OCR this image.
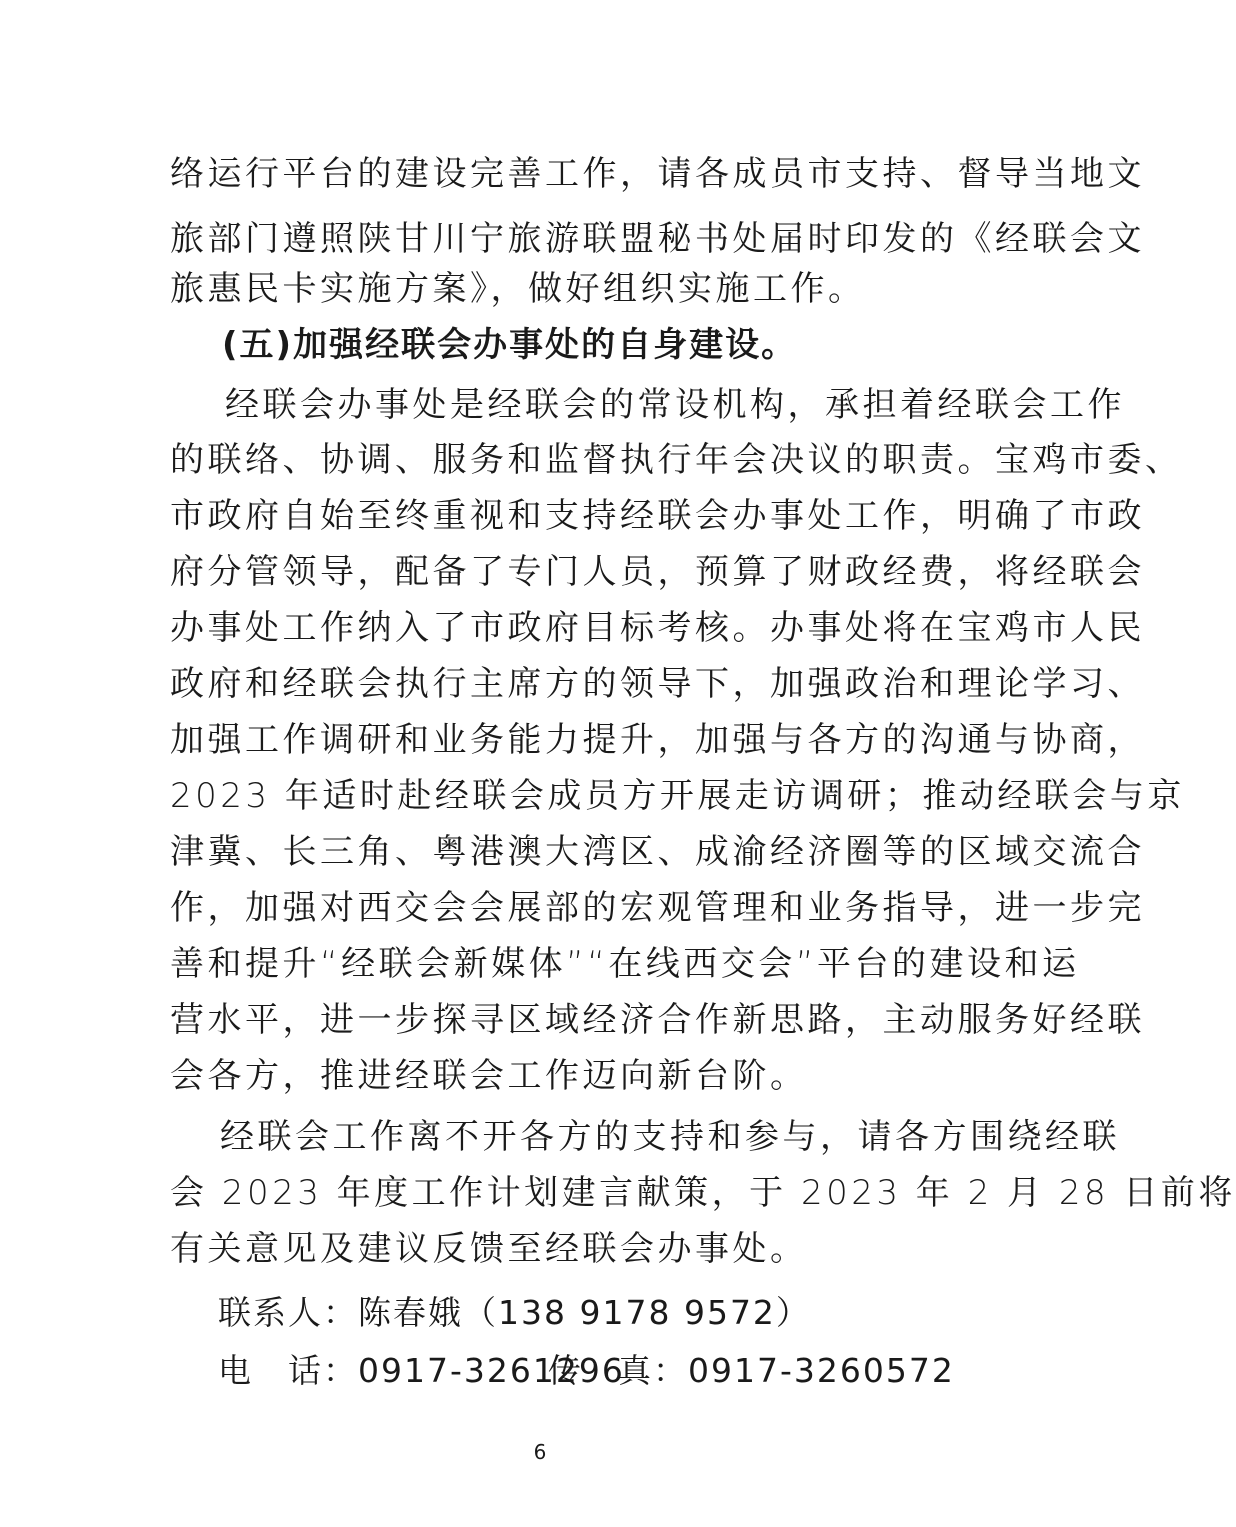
络运行平台的建设完善工作，请各成员市支持、督导当地文
旅部门遵照陕甘川宁旅游联盟秘书处届时印发的《经联会文
旅惠民卡实施方案》，做好组织实施工作。
(五)加强经联会办事处的自身建设。
经联会办事处是经联会的常设机构，承担着经联会工作
的联络、协调、服务和监督执行年会决议的职责。宝鸡市委、
市政府自始至终重视和支持经联会办事处工作，明确了市政
府分管领导，配备了专门人员，预算了财政经费，将经联会
办事处工作纳入了市政府目标考核。办事处将在宝鸡市人民
政府和经联会执行主席方的领导下，加强政治和理论学习、
加强工作调研和业务能力提升，加强与各方的沟通与协商，
2023 年适时赴经联会成员方开展走访调研；推动经联会与京
津冀、长三角、粤港澳大湾区、成渝经济圈等的区域交流合
作，加强对西交会会展部的宏观管理和业务指导，进一步完
善和提升“经联会新媒体”“在线西交会”平台的建设和运
营水平，进一步探寻区域经济合作新思路，主动服务好经联
会各方，推进经联会工作迈向新台阶。
经联会工作离不开各方的支持和参与，请各方围绕经联
会 2023 年度工作计划建言献策，于 2023 年 2 月 28 日前将
有关意见及建议反馈至经联会办事处。
联系人：陈春娥（138 9178 9572）
电　话：0917-3261296
传　真：0917-3260572
6
